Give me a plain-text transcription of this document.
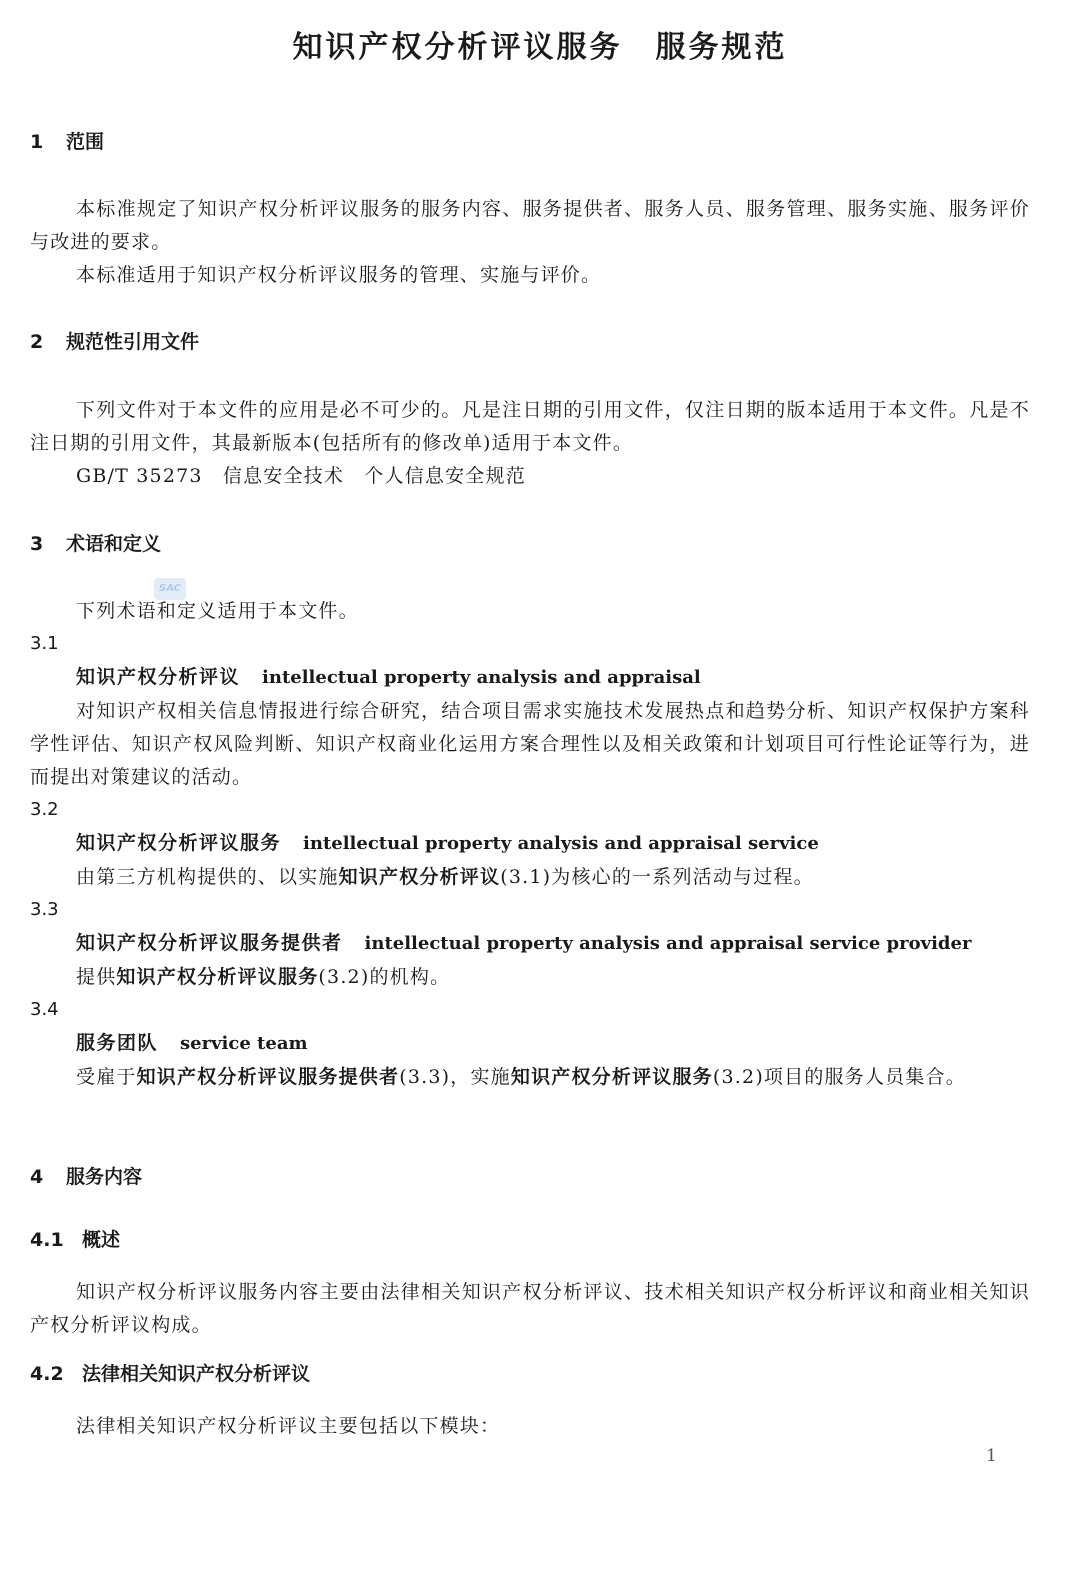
知识产权分析评议服务　服务规范
1 范围
本标准规定了知识产权分析评议服务的服务内容、服务提供者、服务人员、服务管理、服务实施、服务评价与改进的要求。
本标准适用于知识产权分析评议服务的管理、实施与评价。
2 规范性引用文件
下列文件对于本文件的应用是必不可少的。凡是注日期的引用文件，仅注日期的版本适用于本文件。凡是不注日期的引用文件，其最新版本(包括所有的修改单)适用于本文件。
GB/T 35273　信息安全技术　个人信息安全规范
3 术语和定义
SAC
下列术语和定义适用于本文件。
3.1
知识产权分析评议 intellectual property analysis and appraisal
对知识产权相关信息情报进行综合研究，结合项目需求实施技术发展热点和趋势分析、知识产权保护方案科学性评估、知识产权风险判断、知识产权商业化运用方案合理性以及相关政策和计划项目可行性论证等行为，进而提出对策建议的活动。
3.2
知识产权分析评议服务 intellectual property analysis and appraisal service
由第三方机构提供的、以实施知识产权分析评议(3.1)为核心的一系列活动与过程。
3.3
知识产权分析评议服务提供者 intellectual property analysis and appraisal service provider
提供知识产权分析评议服务(3.2)的机构。
3.4
服务团队 service team
受雇于知识产权分析评议服务提供者(3.3)，实施知识产权分析评议服务(3.2)项目的服务人员集合。
4 服务内容
4.1 概述
知识产权分析评议服务内容主要由法律相关知识产权分析评议、技术相关知识产权分析评议和商业相关知识产权分析评议构成。
4.2 法律相关知识产权分析评议
法律相关知识产权分析评议主要包括以下模块：
1
